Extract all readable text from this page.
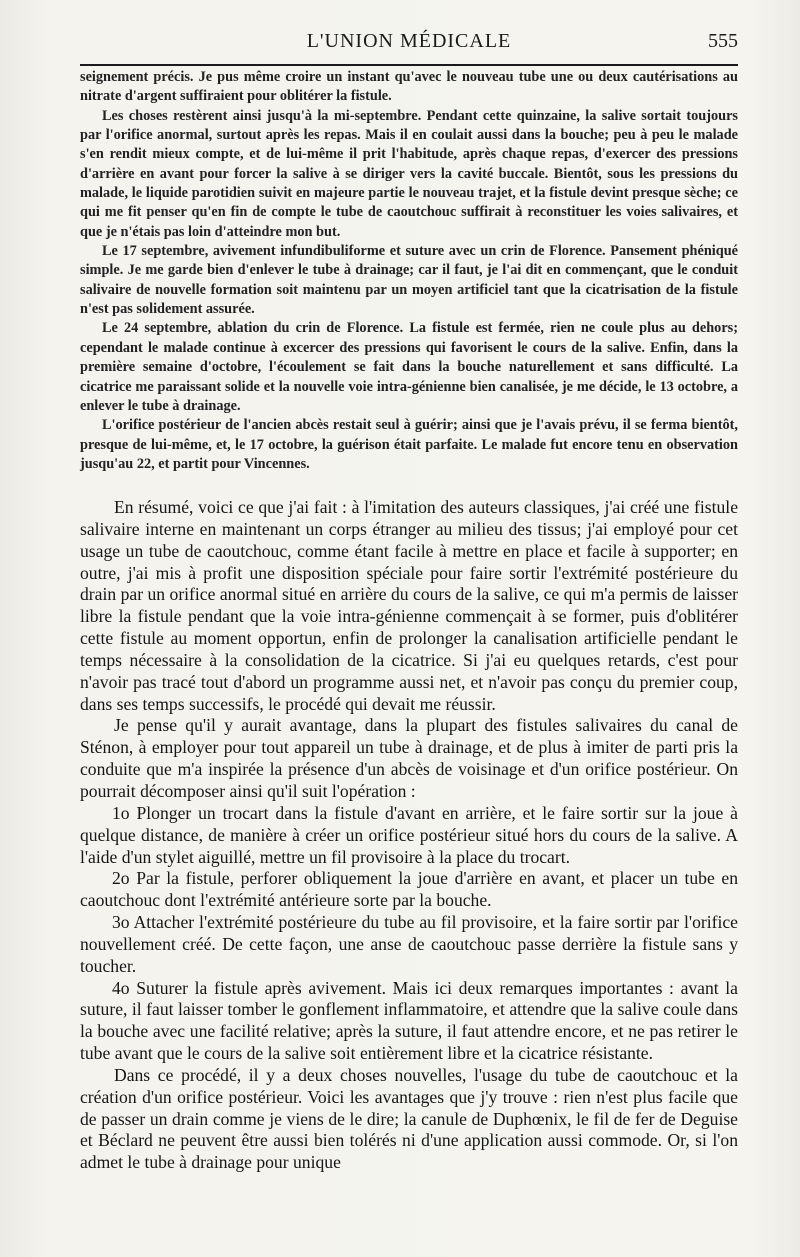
L'UNION MÉDICALE	555

seignement précis. Je pus même croire un instant qu'avec le nouveau tube une ou deux cautérisations au nitrate d'argent suffiraient pour oblitérer la fistule.

Les choses restèrent ainsi jusqu'à la mi-septembre. Pendant cette quinzaine, la salive sortait toujours par l'orifice anormal, surtout après les repas. Mais il en coulait aussi dans la bouche; peu à peu le malade s'en rendit mieux compte, et de lui-même il prit l'habitude, après chaque repas, d'exercer des pressions d'arrière en avant pour forcer la salive à se diriger vers la cavité buccale. Bientôt, sous les pressions du malade, le liquide parotidien suivit en majeure partie le nouveau trajet, et la fistule devint presque sèche; ce qui me fit penser qu'en fin de compte le tube de caoutchouc suffirait à reconstituer les voies salivaires, et que je n'étais pas loin d'atteindre mon but.

Le 17 septembre, avivement infundibuliforme et suture avec un crin de Florence. Pansement phéniqué simple. Je me garde bien d'enlever le tube à drainage; car il faut, je l'ai dit en commençant, que le conduit salivaire de nouvelle formation soit maintenu par un moyen artificiel tant que la cicatrisation de la fistule n'est pas solidement assurée.

Le 24 septembre, ablation du crin de Florence. La fistule est fermée, rien ne coule plus au dehors; cependant le malade continue à excercer des pressions qui favorisent le cours de la salive. Enfin, dans la première semaine d'octobre, l'écoulement se fait dans la bouche naturellement et sans difficulté. La cicatrice me paraissant solide et la nouvelle voie intra-génienne bien canalisée, je me décide, le 13 octobre, a enlever le tube à drainage.

L'orifice postérieur de l'ancien abcès restait seul à guérir; ainsi que je l'avais prévu, il se ferma bientôt, presque de lui-même, et, le 17 octobre, la guérison était parfaite. Le malade fut encore tenu en observation jusqu'au 22, et partit pour Vincennes.

En résumé, voici ce que j'ai fait : à l'imitation des auteurs classiques, j'ai créé une fistule salivaire interne en maintenant un corps étranger au milieu des tissus; j'ai employé pour cet usage un tube de caoutchouc, comme étant facile à mettre en place et facile à supporter; en outre, j'ai mis à profit une disposition spéciale pour faire sortir l'extrémité postérieure du drain par un orifice anormal situé en arrière du cours de la salive, ce qui m'a permis de laisser libre la fistule pendant que la voie intra-génienne commençait à se former, puis d'oblitérer cette fistule au moment opportun, enfin de prolonger la canalisation artificielle pendant le temps nécessaire à la consolidation de la cicatrice. Si j'ai eu quelques retards, c'est pour n'avoir pas tracé tout d'abord un programme aussi net, et n'avoir pas conçu du premier coup, dans ses temps successifs, le procédé qui devait me réussir.

Je pense qu'il y aurait avantage, dans la plupart des fistules salivaires du canal de Sténon, à employer pour tout appareil un tube à drainage, et de plus à imiter de parti pris la conduite que m'a inspirée la présence d'un abcès de voisinage et d'un orifice postérieur. On pourrait décomposer ainsi qu'il suit l'opération :

1o Plonger un trocart dans la fistule d'avant en arrière, et le faire sortir sur la joue à quelque distance, de manière à créer un orifice postérieur situé hors du cours de la salive. A l'aide d'un stylet aiguillé, mettre un fil provisoire à la place du trocart.

2o Par la fistule, perforer obliquement la joue d'arrière en avant, et placer un tube en caoutchouc dont l'extrémité antérieure sorte par la bouche.

3o Attacher l'extrémité postérieure du tube au fil provisoire, et la faire sortir par l'orifice nouvellement créé. De cette façon, une anse de caoutchouc passe derrière la fistule sans y toucher.

4o Suturer la fistule après avivement. Mais ici deux remarques importantes : avant la suture, il faut laisser tomber le gonflement inflammatoire, et attendre que la salive coule dans la bouche avec une facilité relative; après la suture, il faut attendre encore, et ne pas retirer le tube avant que le cours de la salive soit entièrement libre et la cicatrice résistante.

Dans ce procédé, il y a deux choses nouvelles, l'usage du tube de caoutchouc et la création d'un orifice postérieur. Voici les avantages que j'y trouve : rien n'est plus facile que de passer un drain comme je viens de le dire; la canule de Duphœnix, le fil de fer de Deguise et Béclard ne peuvent être aussi bien tolérés ni d'une application aussi commode. Or, si l'on admet le tube à drainage pour unique
